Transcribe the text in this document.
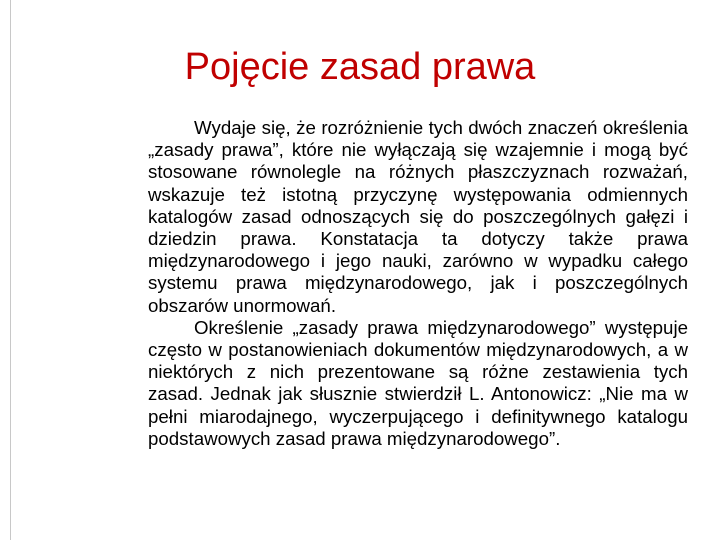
Pojęcie zasad prawa

Wydaje się, że rozróżnienie tych dwóch znaczeń określenia „zasady prawa”, które nie wyłączają się wzajemnie i mogą być stosowane równolegle na różnych płaszczyznach rozważań, wskazuje też istotną przyczynę występowania odmiennych katalogów zasad odnoszących się do poszczególnych gałęzi i dziedzin prawa. Konstatacja ta dotyczy także prawa międzynarodowego i jego nauki, zarówno w wypadku całego systemu prawa międzynarodowego, jak i poszczególnych obszarów unormowań.

Określenie „zasady prawa międzynarodowego” występuje często w postanowieniach dokumentów międzynarodowych, a w niektórych z nich prezentowane są różne zestawienia tych zasad. Jednak jak słusznie stwierdził L. Antonowicz: „Nie ma w pełni miarodajnego, wyczerpującego i definitywnego katalogu podstawowych zasad prawa międzynarodowego”.
